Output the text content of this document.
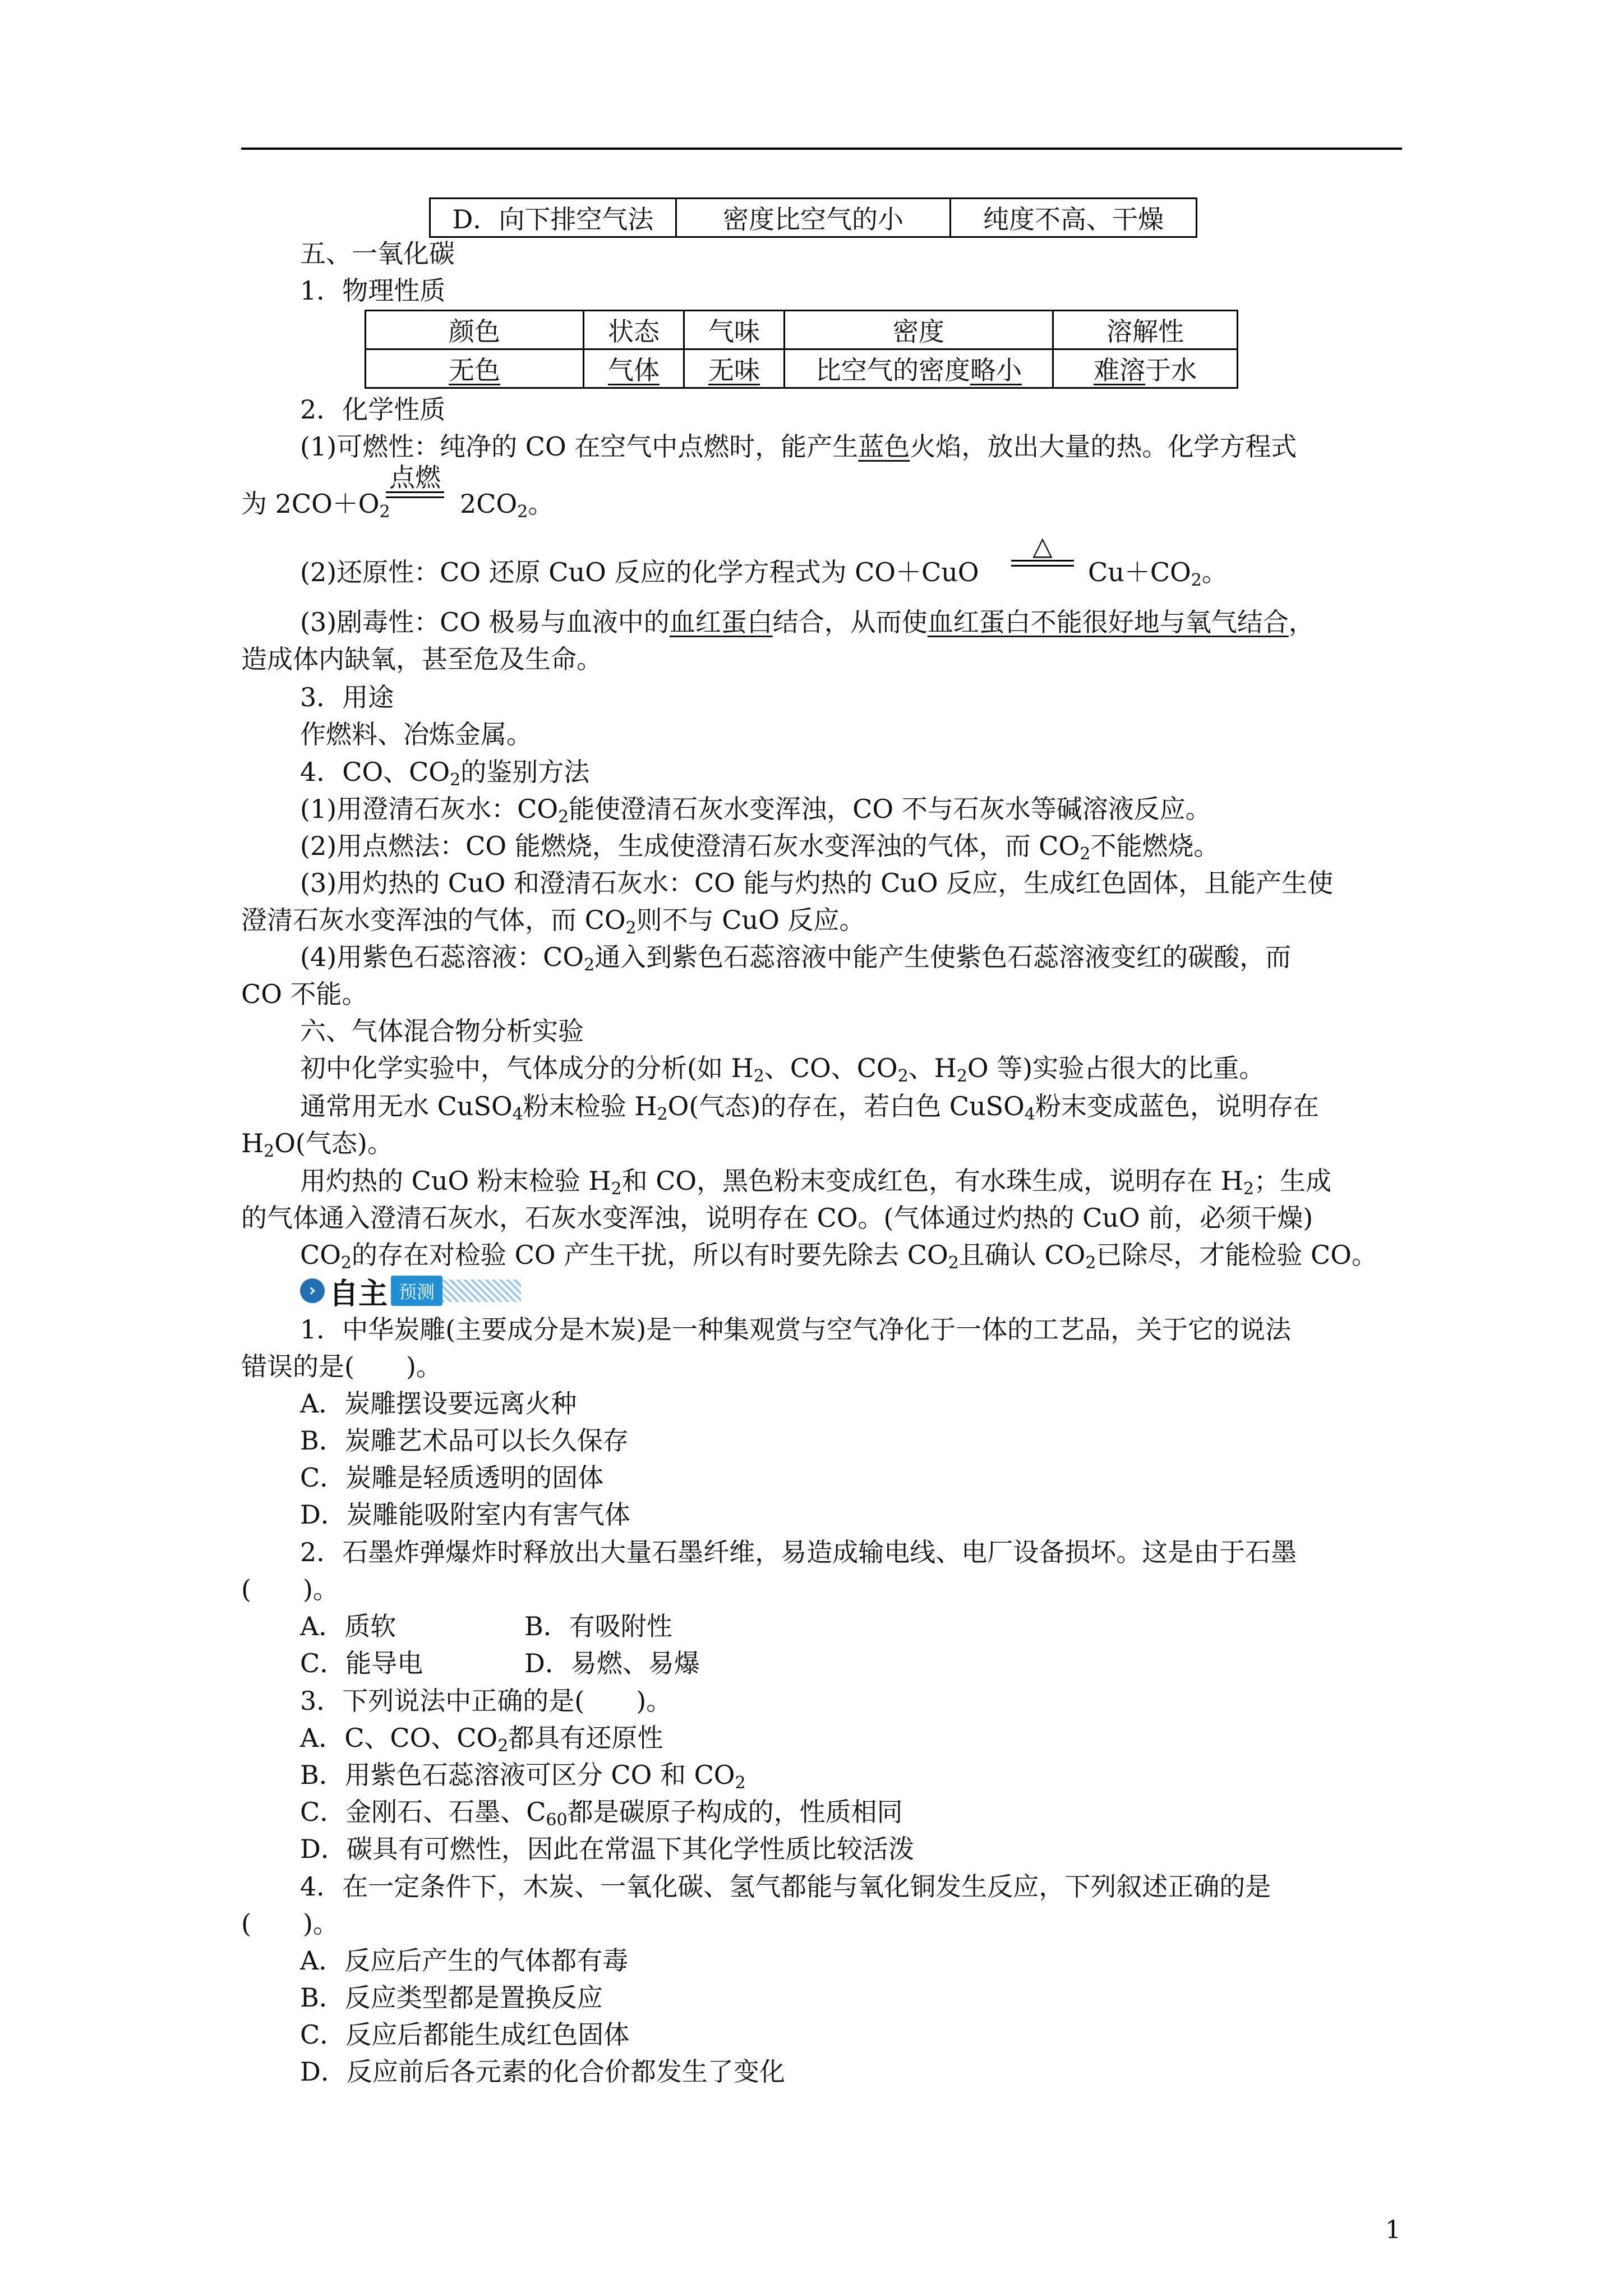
D．向下排空气法	密度比空气的小	纯度不高、干燥
五、一氧化碳
1．物理性质
颜色	状态	气味	密度	溶解性
无色	气体	无味	比空气的密度略小	难溶于水
2．化学性质
(1)可燃性：纯净的 CO 在空气中点燃时，能产生蓝色火焰，放出大量的热。化学方程式
为 $2CO+O_2$
点燃
$2CO_2$。
(2)还原性：CO 还原 CuO 反应的化学方程式为 CO＋CuO
△
$Cu+CO_2$。
(3)剧毒性：CO 极易与血液中的血红蛋白结合，从而使血红蛋白不能很好地与氧气结合，
造成体内缺氧，甚至危及生命。
3．用途
作燃料、冶炼金属。
4．CO、$CO_2$的鉴别方法
(1)用澄清石灰水：$CO_2$能使澄清石灰水变浑浊，CO 不与石灰水等碱溶液反应。
(2)用点燃法：CO 能燃烧，生成使澄清石灰水变浑浊的气体，而 $CO_2$不能燃烧。
(3)用灼热的 CuO 和澄清石灰水：CO 能与灼热的 CuO 反应，生成红色固体，且能产生使
澄清石灰水变浑浊的气体，而 $CO_2$则不与 CuO 反应。
(4)用紫色石蕊溶液：$CO_2$通入到紫色石蕊溶液中能产生使紫色石蕊溶液变红的碳酸，而
CO 不能。
六、气体混合物分析实验
初中化学实验中，气体成分的分析(如 $H_2$、CO、$CO_2$、$H_2O$ 等)实验占很大的比重。
通常用无水 CuSO$_4$粉末检验 $H_2O$(气态)的存在，若白色 CuSO$_4$粉末变成蓝色，说明存在
$H_2O$(气态)。
用灼热的 CuO 粉末检验 $H_2$和 CO，黑色粉末变成红色，有水珠生成，说明存在 $H_2$；生成
的气体通入澄清石灰水，石灰水变浑浊，说明存在 CO。(气体通过灼热的 CuO 前，必须干燥)
$CO_2$的存在对检验 CO 产生干扰，所以有时要先除去 $CO_2$且确认 $CO_2$已除尽，才能检验 CO。
› 自主 预测
1．中华炭雕(主要成分是木炭)是一种集观赏与空气净化于一体的工艺品，关于它的说法
错误的是(　　)。
A．炭雕摆设要远离火种
B．炭雕艺术品可以长久保存
C．炭雕是轻质透明的固体
D．炭雕能吸附室内有害气体
2．石墨炸弹爆炸时释放出大量石墨纤维，易造成输电线、电厂设备损坏。这是由于石墨
(　　)。
A．质软	B．有吸附性
C．能导电	D．易燃、易爆
3．下列说法中正确的是(　　)。
A．C、CO、$CO_2$都具有还原性
B．用紫色石蕊溶液可区分 CO 和 $CO_2$
C．金刚石、石墨、$C_{60}$都是碳原子构成的，性质相同
D．碳具有可燃性，因此在常温下其化学性质比较活泼
4．在一定条件下，木炭、一氧化碳、氢气都能与氧化铜发生反应，下列叙述正确的是
(　　)。
A．反应后产生的气体都有毒
B．反应类型都是置换反应
C．反应后都能生成红色固体
D．反应前后各元素的化合价都发生了变化
1
